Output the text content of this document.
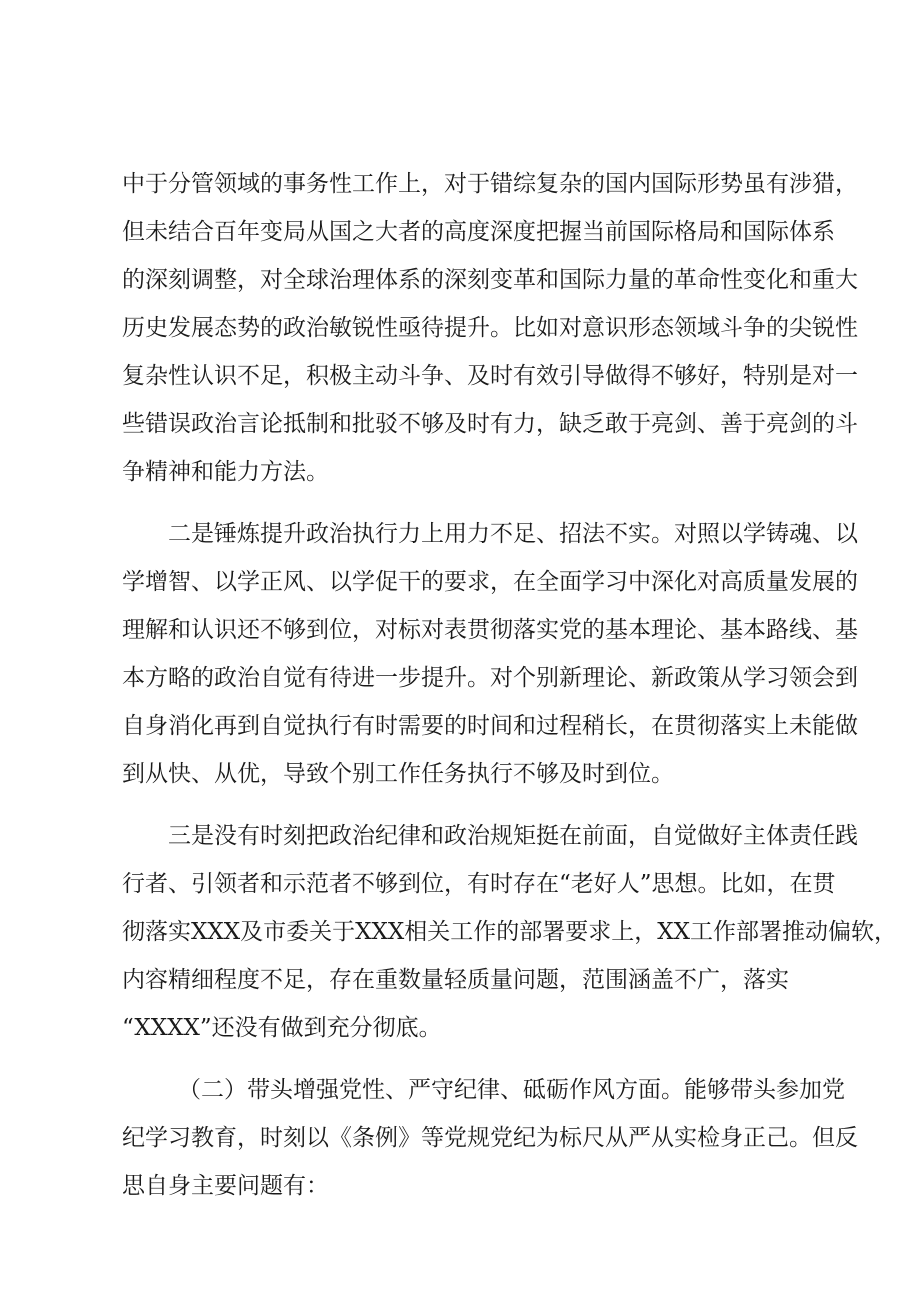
中于分管领域的事务性工作上，对于错综复杂的国内国际形势虽有涉猎，
但未结合百年变局从国之大者的高度深度把握当前国际格局和国际体系
的深刻调整，对全球治理体系的深刻变革和国际力量的革命性变化和重大
历史发展态势的政治敏锐性亟待提升。比如对意识形态领域斗争的尖锐性
复杂性认识不足，积极主动斗争、及时有效引导做得不够好，特别是对一
些错误政治言论抵制和批驳不够及时有力，缺乏敢于亮剑、善于亮剑的斗
争精神和能力方法。
二是锤炼提升政治执行力上用力不足、招法不实。对照以学铸魂、以
学增智、以学正风、以学促干的要求，在全面学习中深化对高质量发展的
理解和认识还不够到位，对标对表贯彻落实党的基本理论、基本路线、基
本方略的政治自觉有待进一步提升。对个别新理论、新政策从学习领会到
自身消化再到自觉执行有时需要的时间和过程稍长，在贯彻落实上未能做
到从快、从优，导致个别工作任务执行不够及时到位。
三是没有时刻把政治纪律和政治规矩挺在前面，自觉做好主体责任践
行者、引领者和示范者不够到位，有时存在“老好人”思想。比如，在贯
彻落实XXX及市委关于XXX相关工作的部署要求上，XX工作部署推动偏软，
内容精细程度不足，存在重数量轻质量问题，范围涵盖不广，落实
“XXXX”还没有做到充分彻底。
（二）带头增强党性、严守纪律、砥砺作风方面。能够带头参加党
纪学习教育，时刻以《条例》等党规党纪为标尺从严从实检身正己。但反
思自身主要问题有：
